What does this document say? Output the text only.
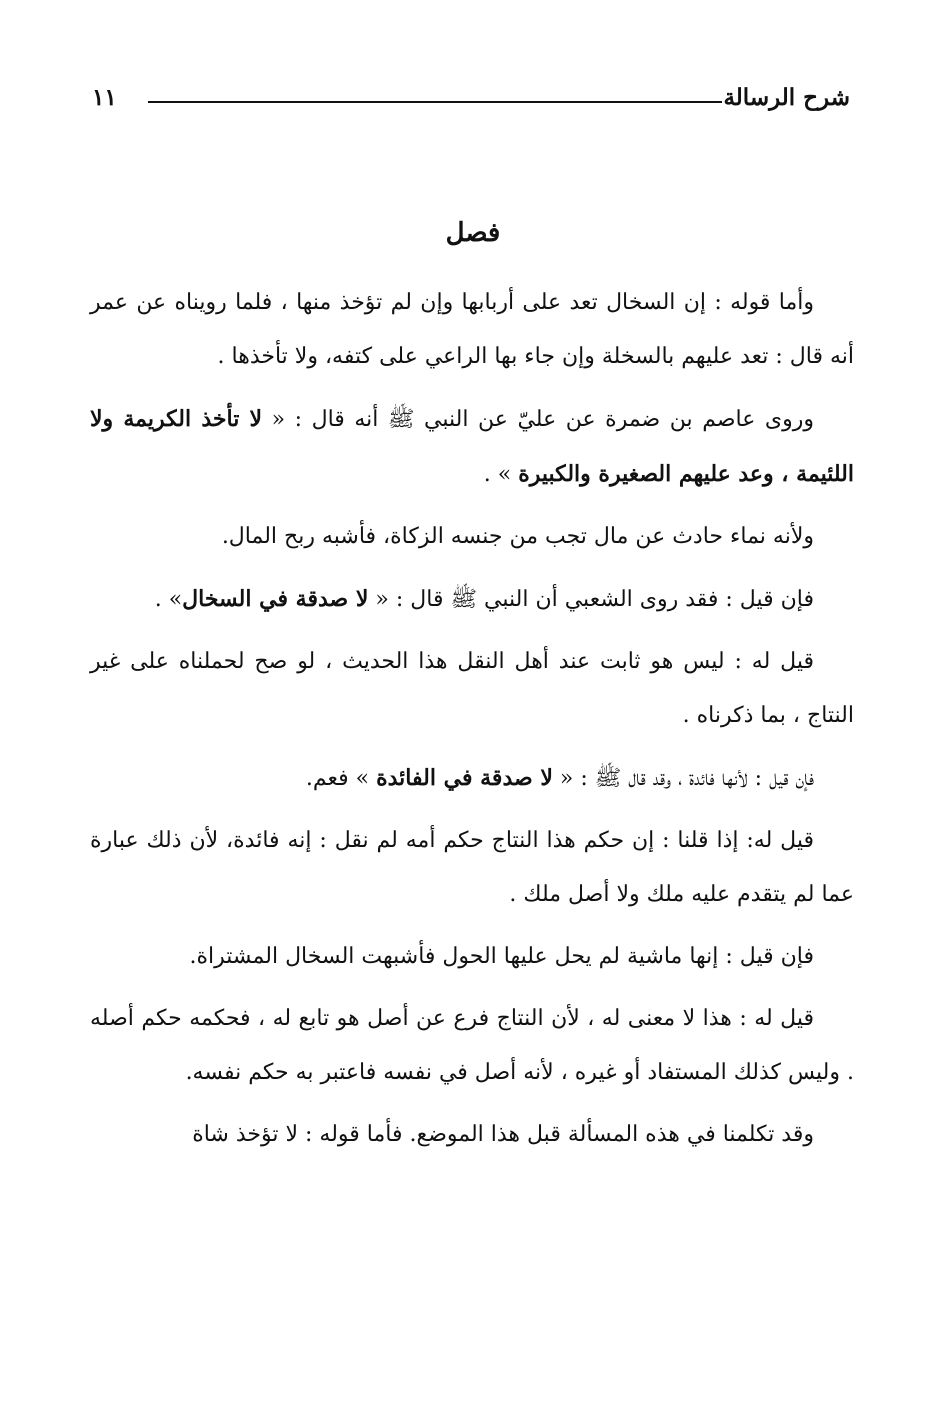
شرح الرسالة
١١
فصل

وأما قوله : إن السخال تعد على أربابها وإن لم تؤخذ منها ، فلما رويناه عن عمر أنه قال : تعد عليهم بالسخلة وإن جاء بها الراعي على كتفه، ولا تأخذها .

وروى عاصم بن ضمرة عن عليّ عن النبي ﷺ أنه قال : « لا تأخذ الكريمة ولا اللئيمة ، وعد عليهم الصغيرة والكبيرة » .

ولأنه نماء حادث عن مال تجب من جنسه الزكاة، فأشبه ربح المال.

فإن قيل : فقد روى الشعبي أن النبي ﷺ قال : « لا صدقة في السخال» .

قيل له : ليس هو ثابت عند أهل النقل هذا الحديث ، لو صح لحملناه على غير النتاج ، بما ذكرناه .

فإن قيل : لأنها فائدة ، وقد قال ﷺ : « لا صدقة في الفائدة » فعم.

قيل له: إذا قلنا : إن حكم هذا النتاج حكم أمه لم نقل : إنه فائدة، لأن ذلك عبارة عما لم يتقدم عليه ملك ولا أصل ملك .

فإن قيل : إنها ماشية لم يحل عليها الحول فأشبهت السخال المشتراة.

قيل له : هذا لا معنى له ، لأن النتاج فرع عن أصل هو تابع له ، فحكمه حكم أصله . وليس كذلك المستفاد أو غيره ، لأنه أصل في نفسه فاعتبر به حكم نفسه.

وقد تكلمنا في هذه المسألة قبل هذا الموضع. فأما قوله : لا تؤخذ شاة
